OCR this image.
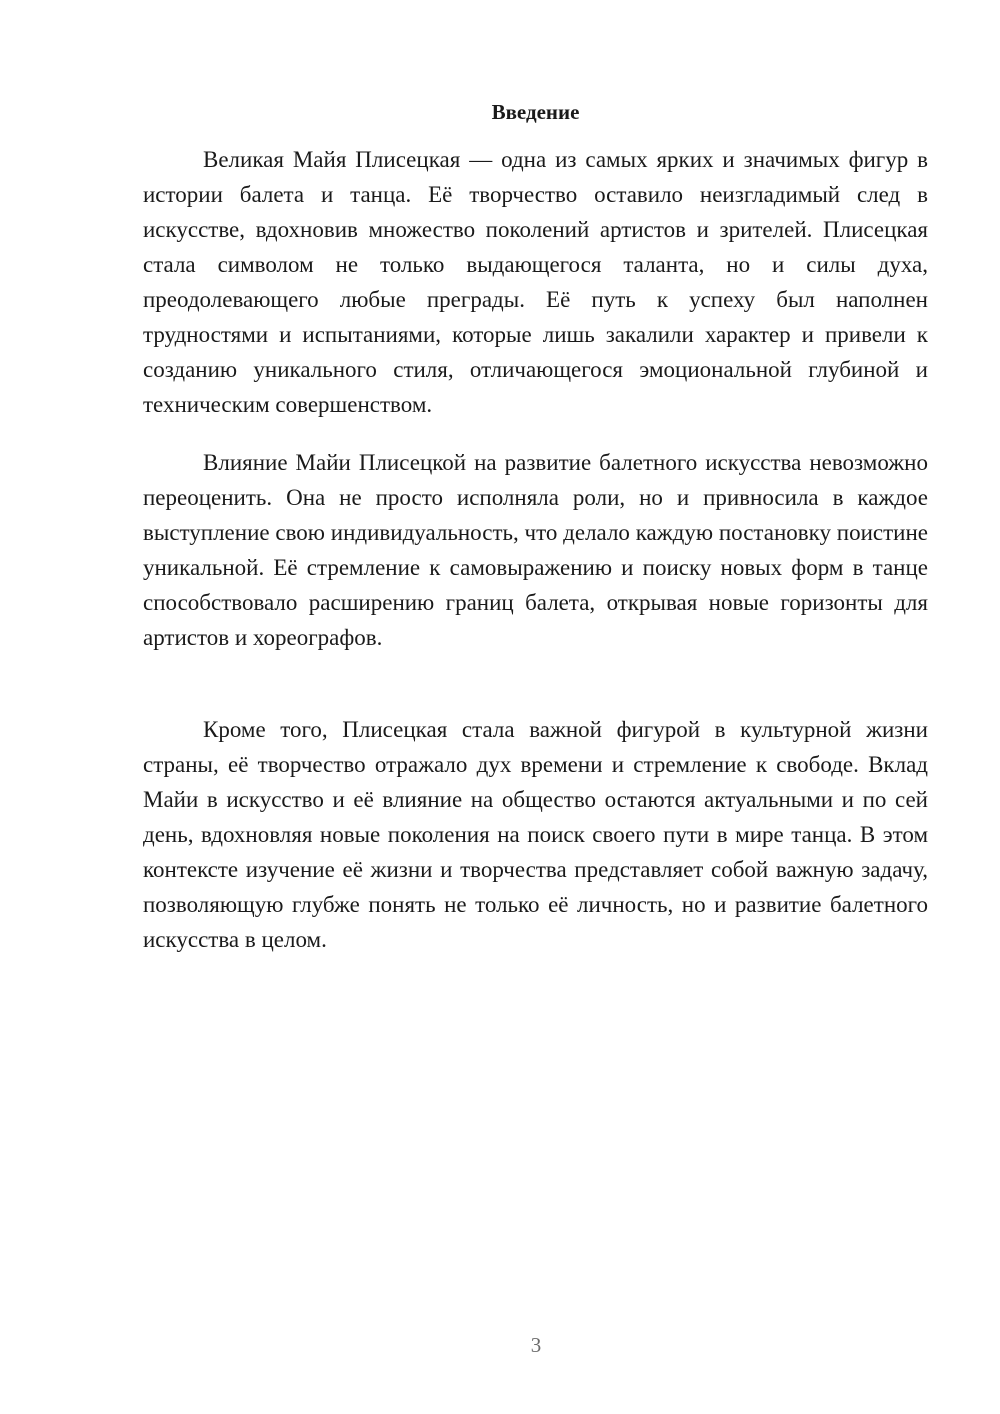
Введение

Великая Майя Плисецкая — одна из самых ярких и значимых фигур в истории балета и танца. Её творчество оставило неизгладимый след в искусстве, вдохновив множество поколений артистов и зрителей. Плисецкая стала символом не только выдающегося таланта, но и силы духа, преодолевающего любые преграды. Её путь к успеху был наполнен трудностями и испытаниями, которые лишь закалили характер и привели к созданию уникального стиля, отличающегося эмоциональной глубиной и техническим совершенством.

Влияние Майи Плисецкой на развитие балетного искусства невозможно переоценить. Она не просто исполняла роли, но и привносила в каждое выступление свою индивидуальность, что делало каждую постановку поистине уникальной. Её стремление к самовыражению и поиску новых форм в танце способствовало расширению границ балета, открывая новые горизонты для артистов и хореографов.

Кроме того, Плисецкая стала важной фигурой в культурной жизни страны, её творчество отражало дух времени и стремление к свободе. Вклад Майи в искусство и её влияние на общество остаются актуальными и по сей день, вдохновляя новые поколения на поиск своего пути в мире танца. В этом контексте изучение её жизни и творчества представляет собой важную задачу, позволяющую глубже понять не только её личность, но и развитие балетного искусства в целом.

3
